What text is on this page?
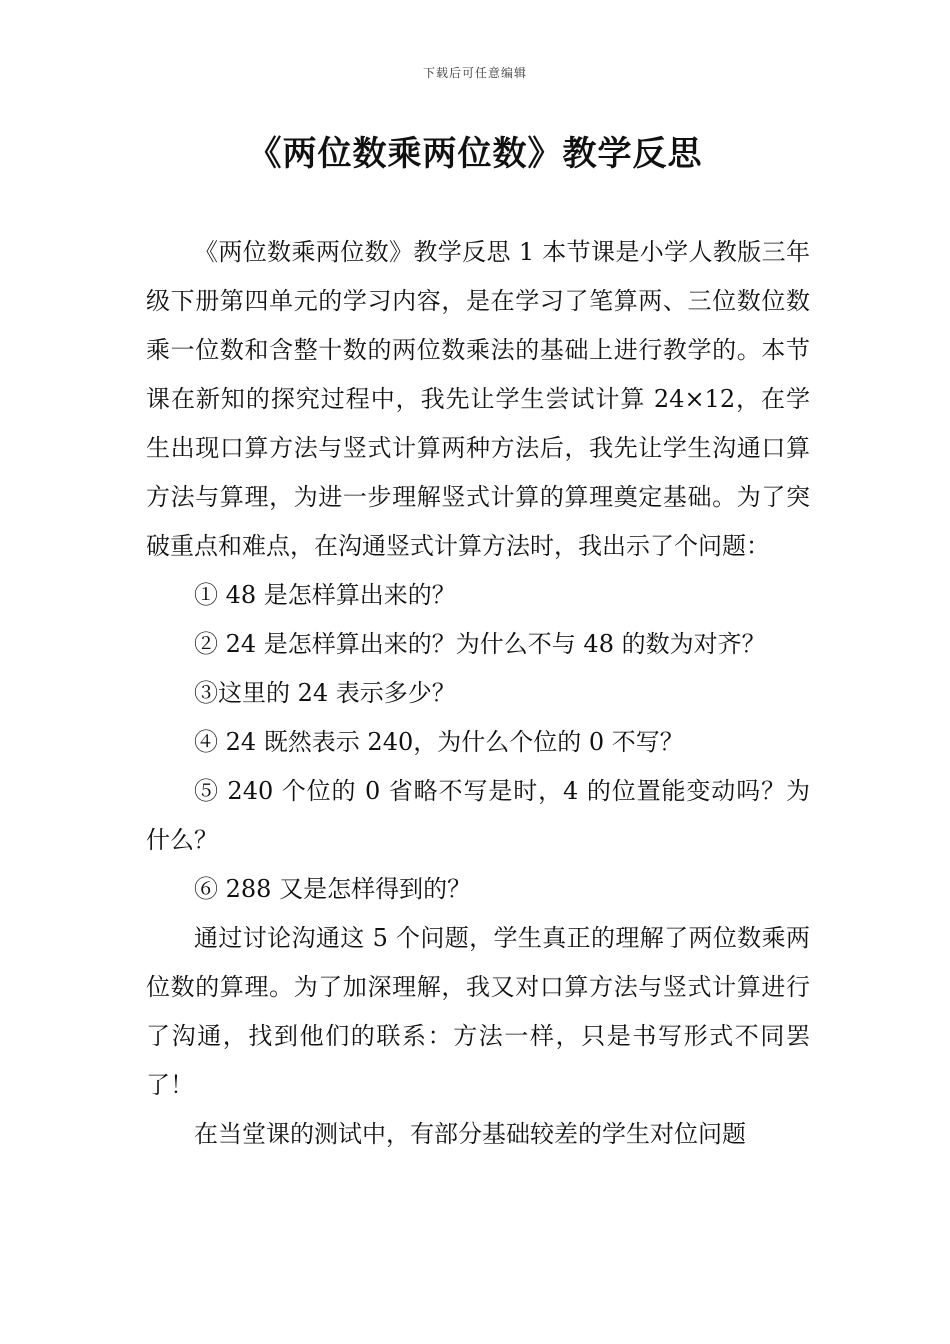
下载后可任意编辑
《两位数乘两位数》教学反思

《两位数乘两位数》教学反思 1 本节课是小学人教版三年级下册第四单元的学习内容，是在学习了笔算两、三位数位数乘一位数和含整十数的两位数乘法的基础上进行教学的。本节课在新知的探究过程中，我先让学生尝试计算 24×12，在学生出现口算方法与竖式计算两种方法后，我先让学生沟通口算方法与算理，为进一步理解竖式计算的算理奠定基础。为了突破重点和难点，在沟通竖式计算方法时，我出示了个问题：

① 48 是怎样算出来的？

② 24 是怎样算出来的？为什么不与 48 的数为对齐？

③这里的 24 表示多少？

④ 24 既然表示 240，为什么个位的 0 不写？

⑤ 240 个位的 0 省略不写是时，4 的位置能变动吗？为什么？

⑥ 288 又是怎样得到的？

通过讨论沟通这 5 个问题，学生真正的理解了两位数乘两位数的算理。为了加深理解，我又对口算方法与竖式计算进行了沟通，找到他们的联系：方法一样，只是书写形式不同罢了！

在当堂课的测试中，有部分基础较差的学生对位问题
